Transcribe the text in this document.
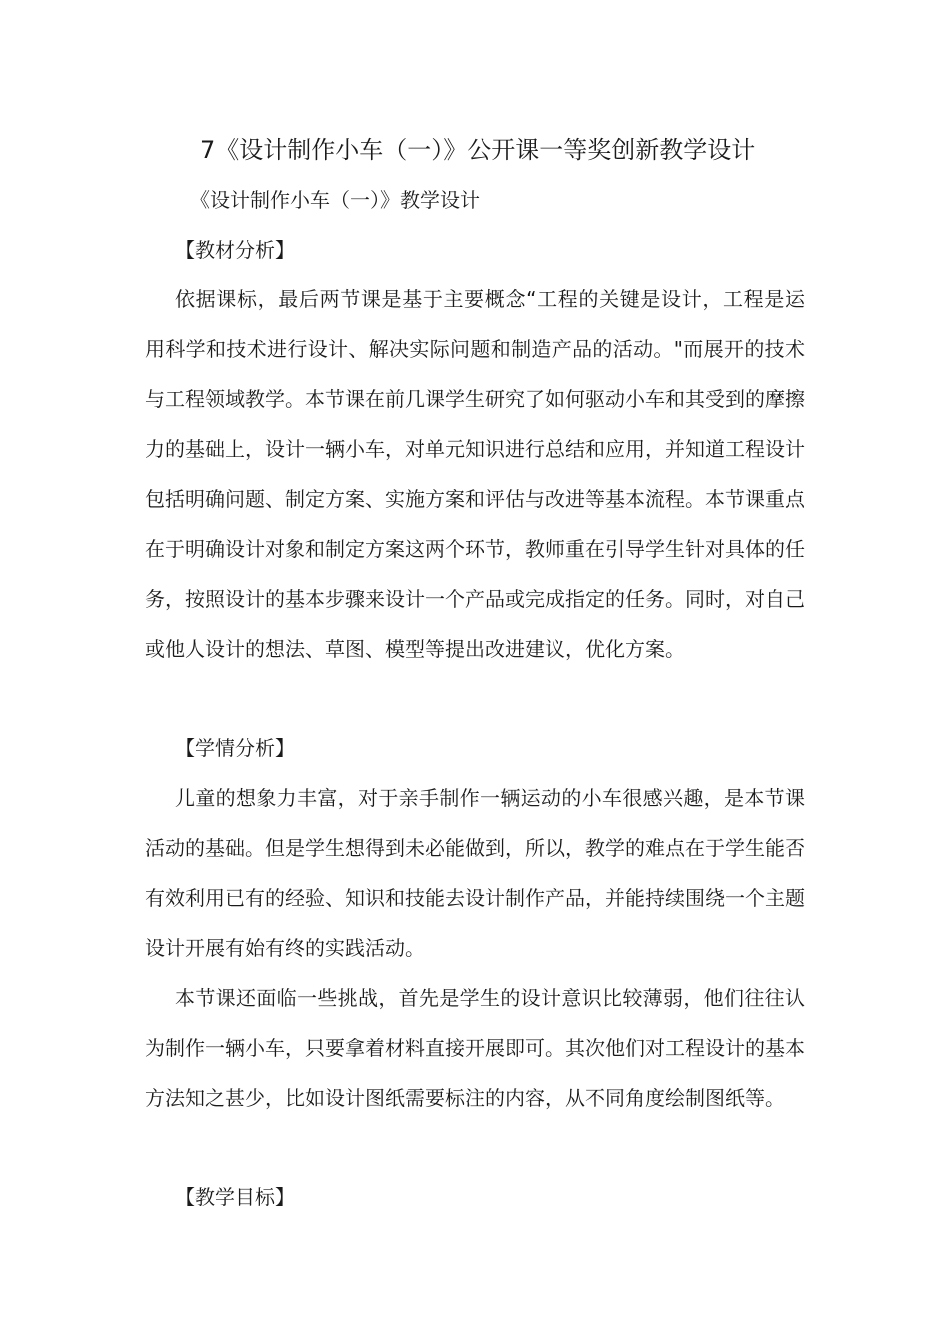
7《设计制作小车（一）》公开课一等奖创新教学设计
《设计制作小车（一）》教学设计
【教材分析】

依据课标，最后两节课是基于主要概念“工程的关键是设计，工程是运用科学和技术进行设计、解决实际问题和制造产品的活动。"而展开的技术与工程领域教学。本节课在前几课学生研究了如何驱动小车和其受到的摩擦力的基础上，设计一辆小车，对单元知识进行总结和应用，并知道工程设计包括明确问题、制定方案、实施方案和评估与改进等基本流程。本节课重点在于明确设计对象和制定方案这两个环节，教师重在引导学生针对具体的任务，按照设计的基本步骤来设计一个产品或完成指定的任务。同时，对自己或他人设计的想法、草图、模型等提出改进建议，优化方案。

【学情分析】

儿童的想象力丰富，对于亲手制作一辆运动的小车很感兴趣，是本节课活动的基础。但是学生想得到未必能做到，所以，教学的难点在于学生能否有效利用已有的经验、知识和技能去设计制作产品，并能持续围绕一个主题设计开展有始有终的实践活动。

本节课还面临一些挑战，首先是学生的设计意识比较薄弱，他们往往认为制作一辆小车，只要拿着材料直接开展即可。其次他们对工程设计的基本方法知之甚少，比如设计图纸需要标注的内容，从不同角度绘制图纸等。

【教学目标】
